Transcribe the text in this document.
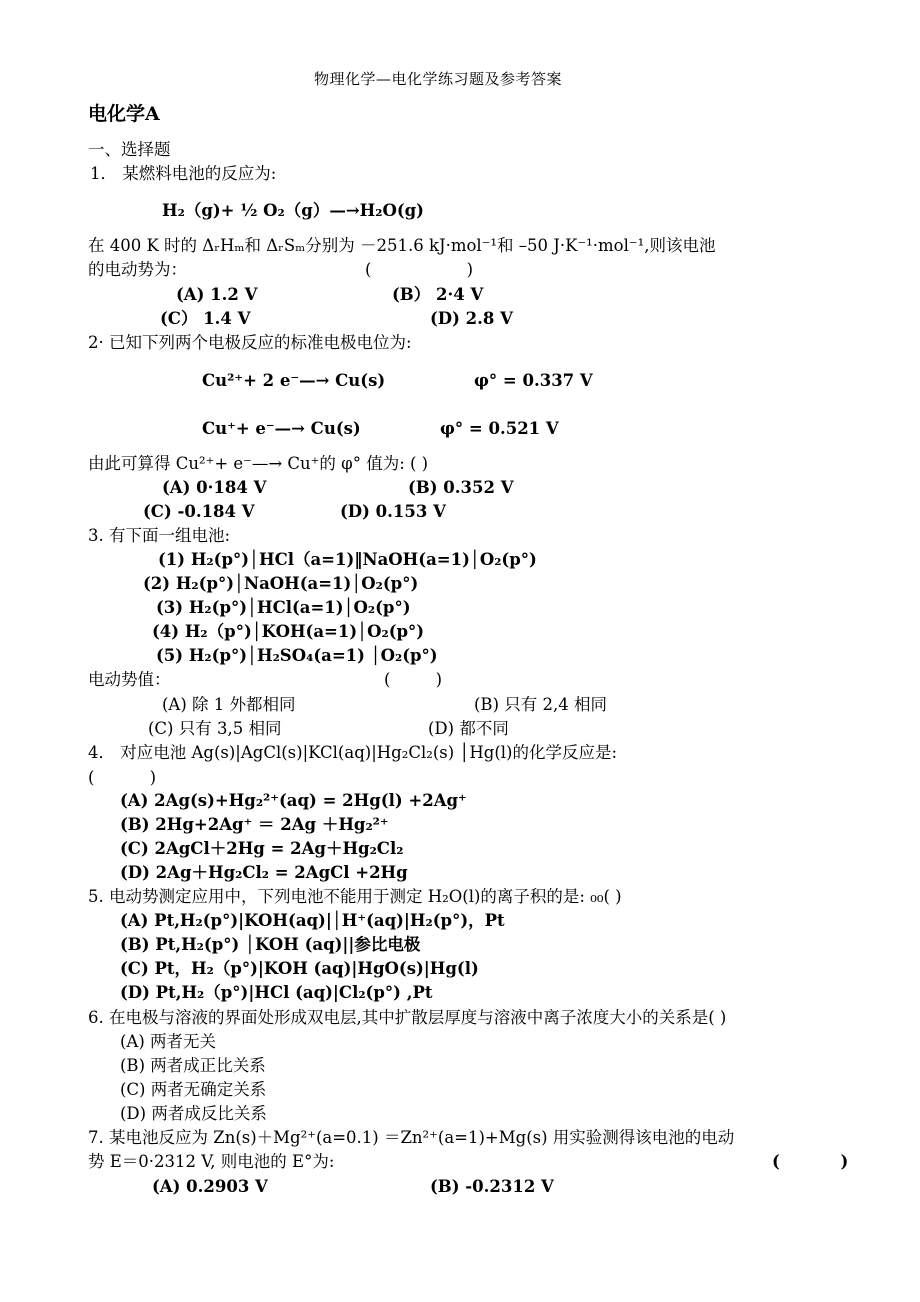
物理化学—电化学练习题及参考答案
电化学A
一、选择题
1． 某燃料电池的反应为:
H₂（g)+ ½ O₂（g）—→H₂O(g)
在 400 K 时的 ΔᵣHₘ和 ΔᵣSₘ分别为 －251.6 kJ·mol⁻¹和 –50 J·K⁻¹·mol⁻¹,则该电池
的电动势为：	( )
(A) 1.2 V	(B） 2·4 V
(C） 1.4 V	(D) 2.8 V
2· 已知下列两个电极反应的标准电极电位为:
Cu²⁺+ 2 e⁻—→ Cu(s)	φ° = 0.337 V
Cu⁺+ e⁻—→ Cu(s)	φ° = 0.521 V
由此可算得 Cu²⁺+ e⁻—→ Cu⁺的 φ° 值为: ( )
(A) 0·184 V	(B) 0.352 V
(C) -0.184 V	(D) 0.153 V
3. 有下面一组电池:
(1) H₂(p°)│HCl（a=1)‖NaOH(a=1)│O₂(p°)
(2) H₂(p°)│NaOH(a=1)│O₂(p°)
(3) H₂(p°)│HCl(a=1)│O₂(p°)
(4) H₂（p°)│KOH(a=1)│O₂(p°)
(5) H₂(p°)│H₂SO₄(a=1) │O₂(p°)
电动势值：	( )
(A) 除 1 外都相同	(B) 只有 2,4 相同
(C) 只有 3,5 相同	(D) 都不同
4． 对应电池 Ag(s)|AgCl(s)|KCl(aq)|Hg₂Cl₂(s) │Hg(l)的化学反应是:
( )
(A) 2Ag(s)+Hg₂²⁺(aq) = 2Hg(l) +2Ag⁺
(B) 2Hg+2Ag⁺ ＝ 2Ag ＋Hg₂²⁺
(C) 2AgCl＋2Hg = 2Ag＋Hg₂Cl₂
(D) 2Ag＋Hg₂Cl₂ = 2AgCl +2Hg
5. 电动势测定应用中，下列电池不能用于测定 H₂O(l)的离子积的是: ₀₀( )
(A) Pt,H₂(p°)|KOH(aq)|│H⁺(aq)|H₂(p°)，Pt
(B) Pt,H₂(p°) │KOH (aq)||参比电极
(C) Pt，H₂（p°)|KOH (aq)|HgO(s)|Hg(l)
(D) Pt,H₂（p°)|HCl (aq)|Cl₂(p°) ,Pt
6. 在电极与溶液的界面处形成双电层,其中扩散层厚度与溶液中离子浓度大小的关系是( )
(A) 两者无关
(B) 两者成正比关系
(C) 两者无确定关系
(D) 两者成反比关系
7. 某电池反应为 Zn(s)＋Mg²⁺(a=0.1) ＝Zn²⁺(a=1)+Mg(s) 用实验测得该电池的电动
势 E＝0·2312 V, 则电池的 E°为:	( )
(A) 0.2903 V	(B) -0.2312 V
